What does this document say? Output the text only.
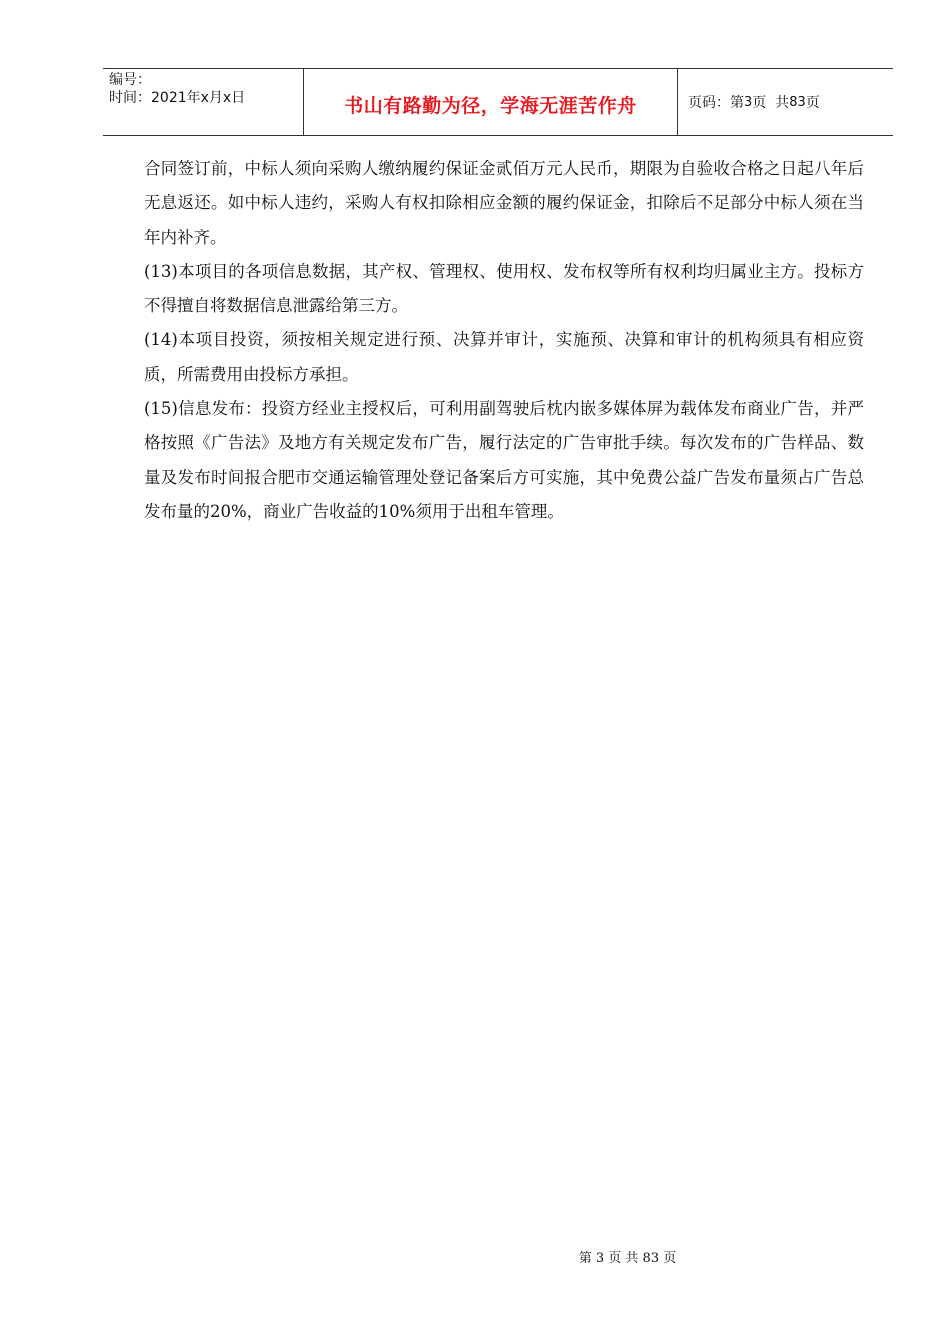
编号：
时间：2021年x月x日	书山有路勤为径，学海无涯苦作舟	页码：第 3 页  共 83 页

合同签订前，中标人须向采购人缴纳履约保证金贰佰万元人民币，期限为自验收合格之日起八年后无息返还。如中标人违约，采购人有权扣除相应金额的履约保证金，扣除后不足部分中标人须在当年内补齐。

(13)本项目的各项信息数据，其产权、管理权、使用权、发布权等所有权利均归属业主方。投标方不得擅自将数据信息泄露给第三方。

(14)本项目投资，须按相关规定进行预、决算并审计，实施预、决算和审计的机构须具有相应资质，所需费用由投标方承担。

(15)信息发布：投资方经业主授权后，可利用副驾驶后枕内嵌多媒体屏为载体发布商业广告，并严格按照《广告法》及地方有关规定发布广告，履行法定的广告审批手续。每次发布的广告样品、数量及发布时间报合肥市交通运输管理处登记备案后方可实施，其中免费公益广告发布量须占广告总发布量的20%，商业广告收益的10%须用于出租车管理。

第 3 页 共 83 页
